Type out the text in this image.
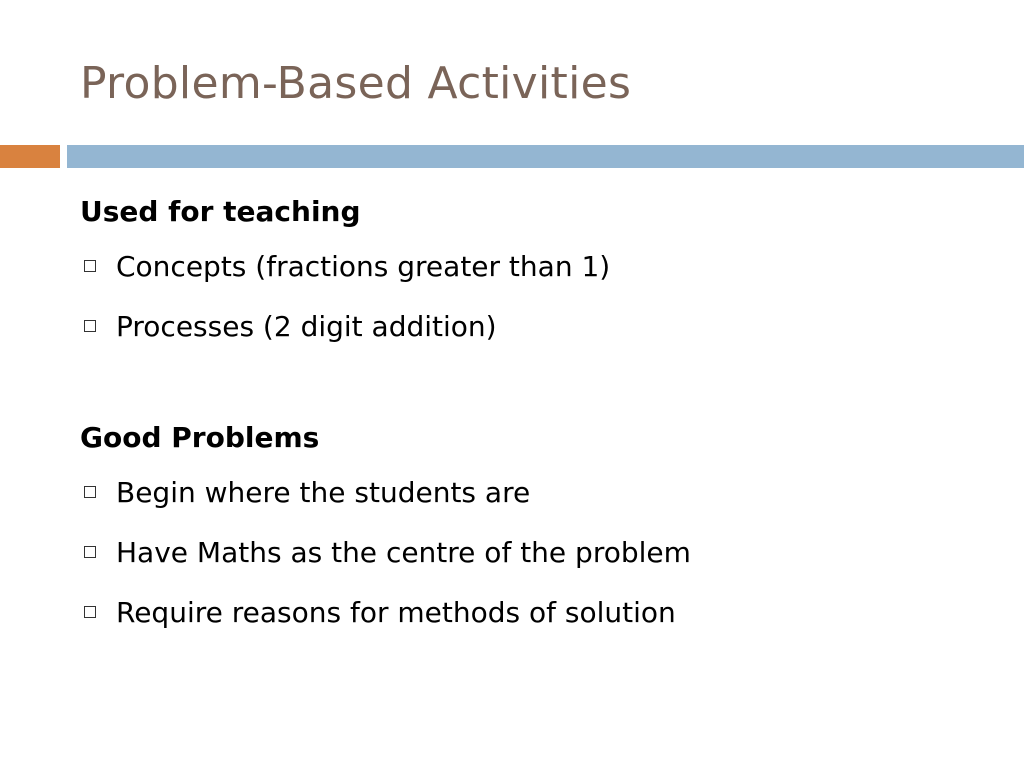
Problem-Based Activities
Used for teaching
Concepts (fractions greater than 1)
Processes (2 digit addition)
Good Problems
Begin where the students are
Have Maths as the centre of the problem
Require reasons for methods of solution
